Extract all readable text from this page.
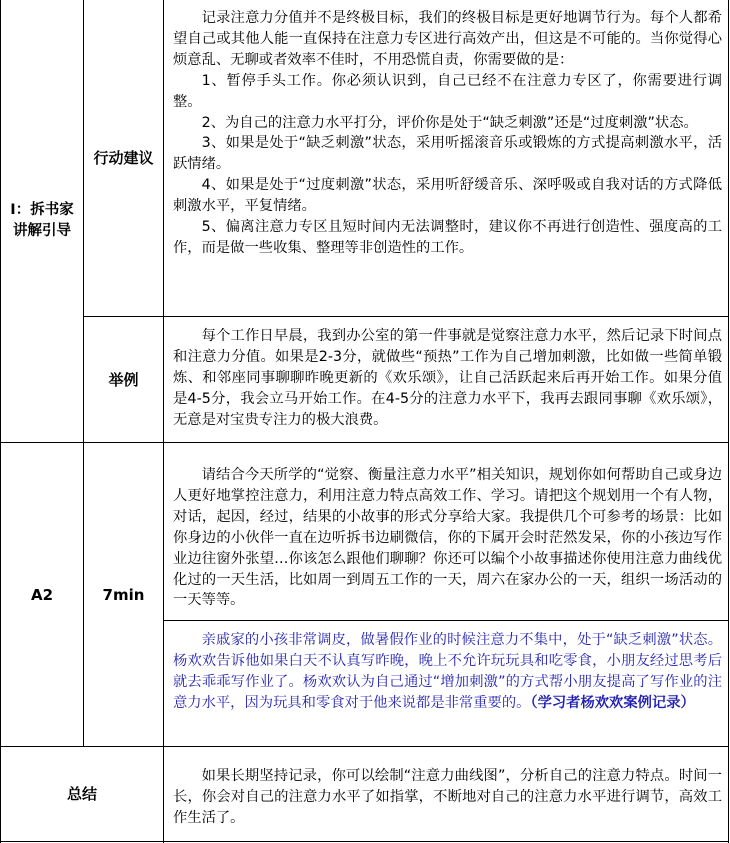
I：拆书家讲解引导
行动建议

记录注意力分值并不是终极目标，我们的终极目标是更好地调节行为。每个人都希望自己或其他人能一直保持在注意力专区进行高效产出，但这是不可能的。当你觉得心烦意乱、无聊或者效率不佳时，不用恐慌自责，你需要做的是：

1、暂停手头工作。你必须认识到，自己已经不在注意力专区了，你需要进行调整。

2、为自己的注意力水平打分，评价你是处于“缺乏刺激”还是“过度刺激”状态。

3、如果是处于“缺乏刺激”状态，采用听摇滚音乐或锻炼的方式提高刺激水平，活跃情绪。

4、如果是处于“过度刺激”状态，采用听舒缓音乐、深呼吸或自我对话的方式降低刺激水平，平复情绪。

5、偏离注意力专区且短时间内无法调整时，建议你不再进行创造性、强度高的工作，而是做一些收集、整理等非创造性的工作。

举例

每个工作日早晨，我到办公室的第一件事就是觉察注意力水平，然后记录下时间点和注意力分值。如果是2-3分，就做些“预热”工作为自己增加刺激，比如做一些简单锻炼、和邻座同事聊聊昨晚更新的《欢乐颂》，让自己活跃起来后再开始工作。如果分值是4-5分，我会立马开始工作。在4-5分的注意力水平下，我再去跟同事聊《欢乐颂》，无意是对宝贵专注力的极大浪费。

A2	7min

请结合今天所学的“觉察、衡量注意力水平”相关知识，规划你如何帮助自己或身边人更好地掌控注意力，利用注意力特点高效工作、学习。请把这个规划用一个有人物，对话，起因，经过，结果的小故事的形式分享给大家。我提供几个可参考的场景：比如你身边的小伙伴一直在边听拆书边刷微信，你的下属开会时茫然发呆，你的小孩边写作业边往窗外张望…你该怎么跟他们聊聊？你还可以编个小故事描述你使用注意力曲线优化过的一天生活，比如周一到周五工作的一天，周六在家办公的一天，组织一场活动的一天等等。

亲戚家的小孩非常调皮，做暑假作业的时候注意力不集中，处于“缺乏刺激”状态。杨欢欢告诉他如果白天不认真写昨晚，晚上不允许玩玩具和吃零食，小朋友经过思考后就去乖乖写作业了。杨欢欢认为自己通过“增加刺激”的方式帮小朋友提高了写作业的注意力水平，因为玩具和零食对于他来说都是非常重要的。（学习者杨欢欢案例记录）

总结

如果长期坚持记录，你可以绘制“注意力曲线图”，分析自己的注意力特点。时间一长，你会对自己的注意力水平了如指掌，不断地对自己的注意力水平进行调节，高效工作生活了。
